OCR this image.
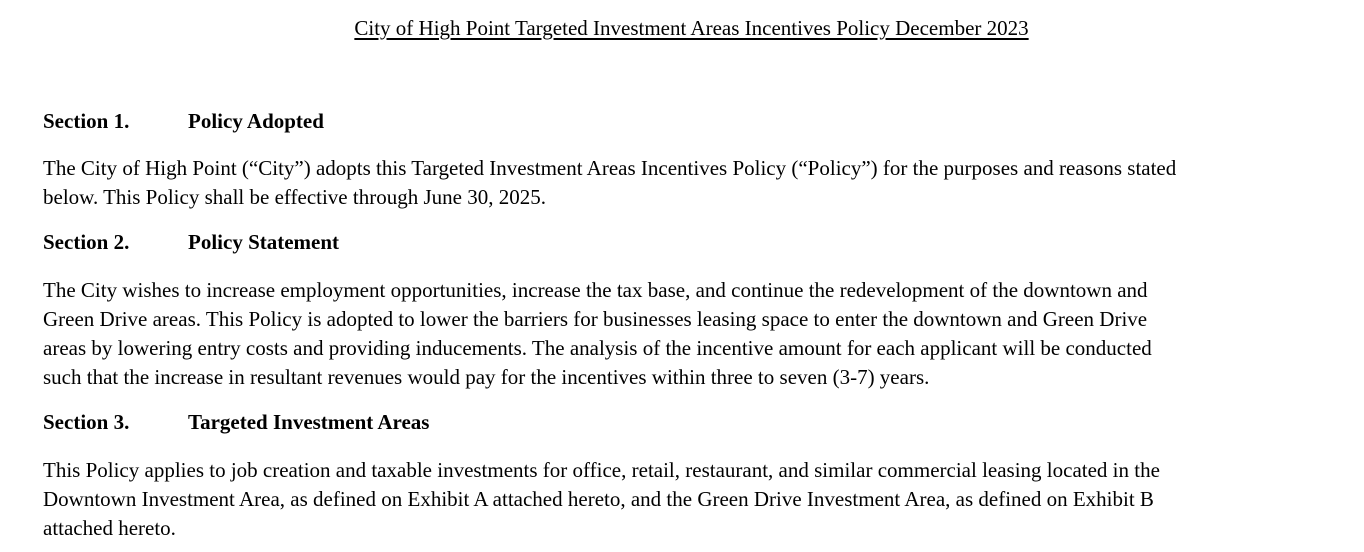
City of High Point Targeted Investment Areas Incentives Policy December 2023
Section 1.	Policy Adopted
The City of High Point (“City”) adopts this Targeted Investment Areas Incentives Policy (“Policy”) for the purposes and reasons stated
below. This Policy shall be effective through June 30, 2025.
Section 2.	Policy Statement
The City wishes to increase employment opportunities, increase the tax base, and continue the redevelopment of the downtown and
Green Drive areas. This Policy is adopted to lower the barriers for businesses leasing space to enter the downtown and Green Drive
areas by lowering entry costs and providing inducements. The analysis of the incentive amount for each applicant will be conducted
such that the increase in resultant revenues would pay for the incentives within three to seven (3-7) years.
Section 3.	Targeted Investment Areas
This Policy applies to job creation and taxable investments for office, retail, restaurant, and similar commercial leasing located in the
Downtown Investment Area, as defined on Exhibit A attached hereto, and the Green Drive Investment Area, as defined on Exhibit B
attached hereto.
